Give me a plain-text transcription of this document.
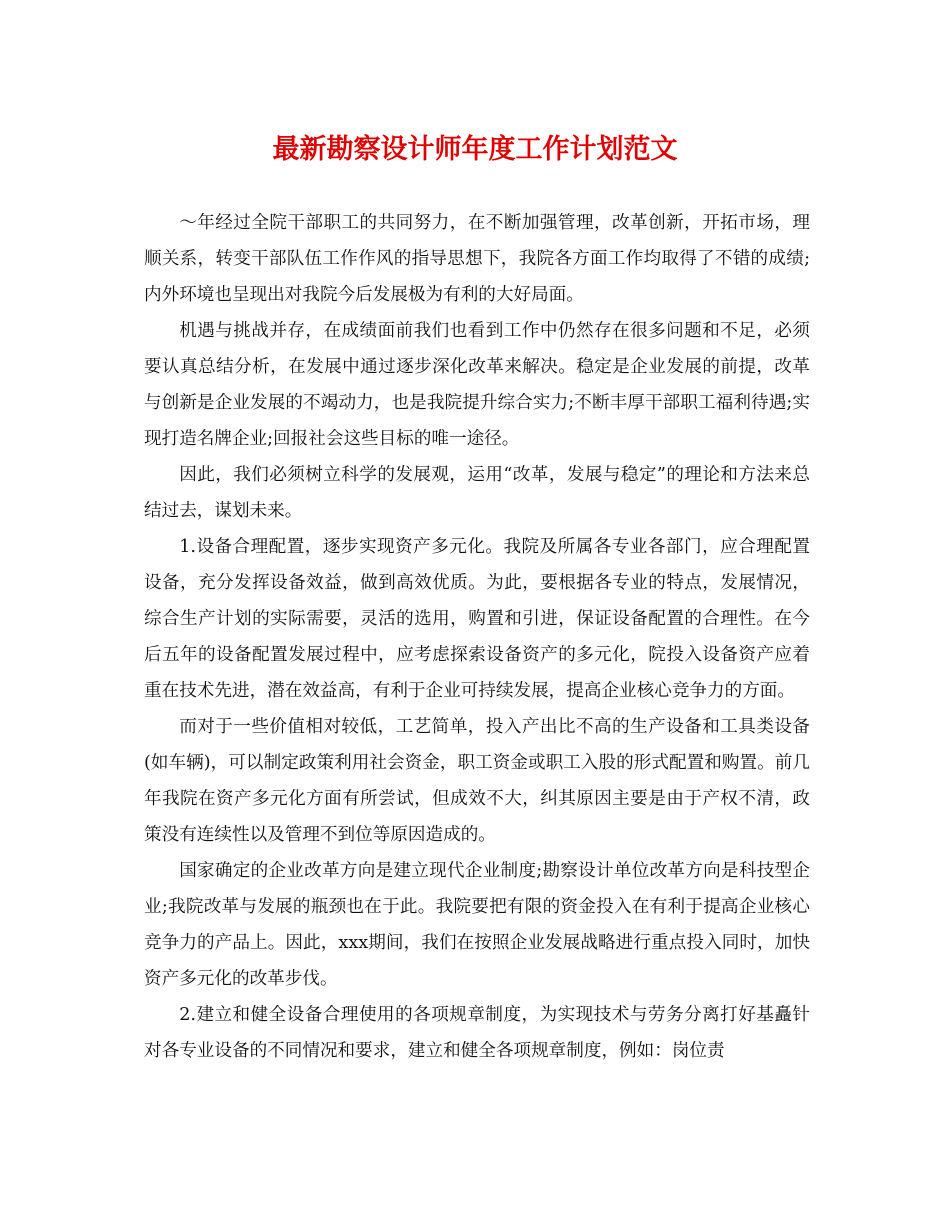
最新勘察设计师年度工作计划范文

～年经过全院干部职工的共同努力，在不断加强管理，改革创新，开拓市场，理顺关系，转变干部队伍工作作风的指导思想下，我院各方面工作均取得了不错的成绩;内外环境也呈现出对我院今后发展极为有利的大好局面。

机遇与挑战并存，在成绩面前我们也看到工作中仍然存在很多问题和不足，必须要认真总结分析，在发展中通过逐步深化改革来解决。稳定是企业发展的前提，改革与创新是企业发展的不竭动力，也是我院提升综合实力;不断丰厚干部职工福利待遇;实现打造名牌企业;回报社会这些目标的唯一途径。

因此，我们必须树立科学的发展观，运用“改革，发展与稳定”的理论和方法来总结过去，谋划未来。

1.设备合理配置，逐步实现资产多元化。我院及所属各专业各部门，应合理配置设备，充分发挥设备效益，做到高效优质。为此，要根据各专业的特点，发展情况，综合生产计划的实际需要，灵活的选用，购置和引进，保证设备配置的合理性。在今后五年的设备配置发展过程中，应考虑探索设备资产的多元化，院投入设备资产应着重在技术先进，潜在效益高，有利于企业可持续发展，提高企业核心竞争力的方面。

而对于一些价值相对较低，工艺简单，投入产出比不高的生产设备和工具类设备(如车辆)，可以制定政策利用社会资金，职工资金或职工入股的形式配置和购置。前几年我院在资产多元化方面有所尝试，但成效不大，纠其原因主要是由于产权不清，政策没有连续性以及管理不到位等原因造成的。

国家确定的企业改革方向是建立现代企业制度;勘察设计单位改革方向是科技型企业;我院改革与发展的瓶颈也在于此。我院要把有限的资金投入在有利于提高企业核心竞争力的产品上。因此，xxx期间，我们在按照企业发展战略进行重点投入同时，加快资产多元化的改革步伐。

2.建立和健全设备合理使用的各项规章制度，为实现技术与劳务分离打好基矗针对各专业设备的不同情况和要求，建立和健全各项规章制度，例如：岗位责
